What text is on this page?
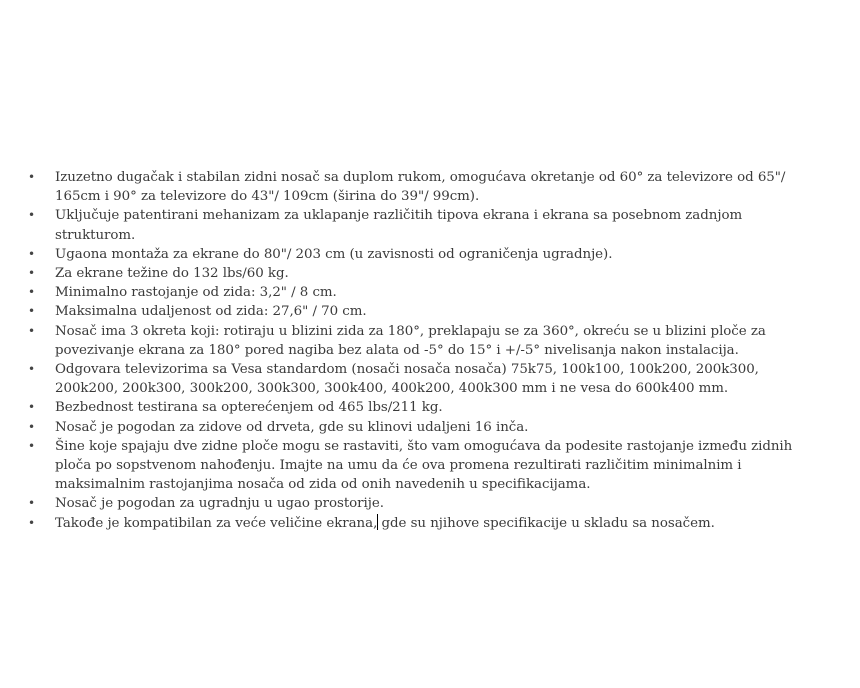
•	Izuzetno dugačak i stabilan zidni nosač sa duplom rukom, omogućava okretanje od 60° za televizore od 65"/ 165cm i 90° za televizore do 43"/ 109cm (širina do 39"/ 99cm).
•	Uključuje patentirani mehanizam za uklapanje različitih tipova ekrana i ekrana sa posebnom zadnjom strukturom.
•	Ugaona montaža za ekrane do 80"/ 203 cm (u zavisnosti od ograničenja ugradnje).
•	Za ekrane težine do 132 lbs/60 kg.
•	Minimalno rastojanje od zida: 3,2" / 8 cm.
•	Maksimalna udaljenost od zida: 27,6" / 70 cm.
•	Nosač ima 3 okreta koji: rotiraju u blizini zida za 180°, preklapaju se za 360°, okreću se u blizini ploče za povezivanje ekrana za 180° pored nagiba bez alata od -5° do 15° i +/-5° nivelisanja nakon instalacija.
•	Odgovara televizorima sa Vesa standardom (nosači nosača nosača) 75k75, 100k100, 100k200, 200k300, 200k200, 200k300, 300k200, 300k300, 300k400, 400k200, 400k300 mm i ne vesa do 600k400 mm.
•	Bezbednost testirana sa opterećenjem od 465 lbs/211 kg.
•	Nosač je pogodan za zidove od drveta, gde su klinovi udaljeni 16 inča.
•	Šine koje spajaju dve zidne ploče mogu se rastaviti, što vam omogućava da podesite rastojanje između zidnih ploča po sopstvenom nahođenju. Imajte na umu da će ova promena rezultirati različitim minimalnim i maksimalnim rastojanjima nosača od zida od onih navedenih u specifikacijama.
•	Nosač je pogodan za ugradnju u ugao prostorije.
•	Takođe je kompatibilan za veće veličine ekrana, gde su njihove specifikacije u skladu sa nosačem.
